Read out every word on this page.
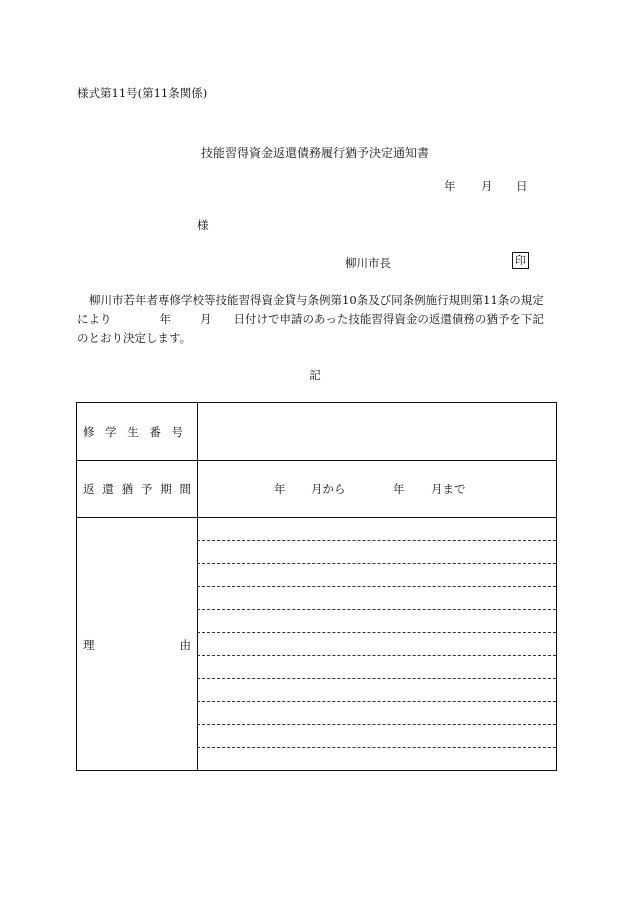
様式第11号(第11条関係)
技能習得資金返還債務履行猶予決定通知書
年 月 日
様
柳川市長	印
柳川市若年者専修学校等技能習得資金貸与条例第10条及び同条例施行規則第11条の規定
により	年	月 日付けで申請のあった技能習得資金の返還債務の猶予を下記
のとおり決定します。
記
修 学 生 番 号
返 還 猶 予 期 間	年 月から	年 月まで
理	由
